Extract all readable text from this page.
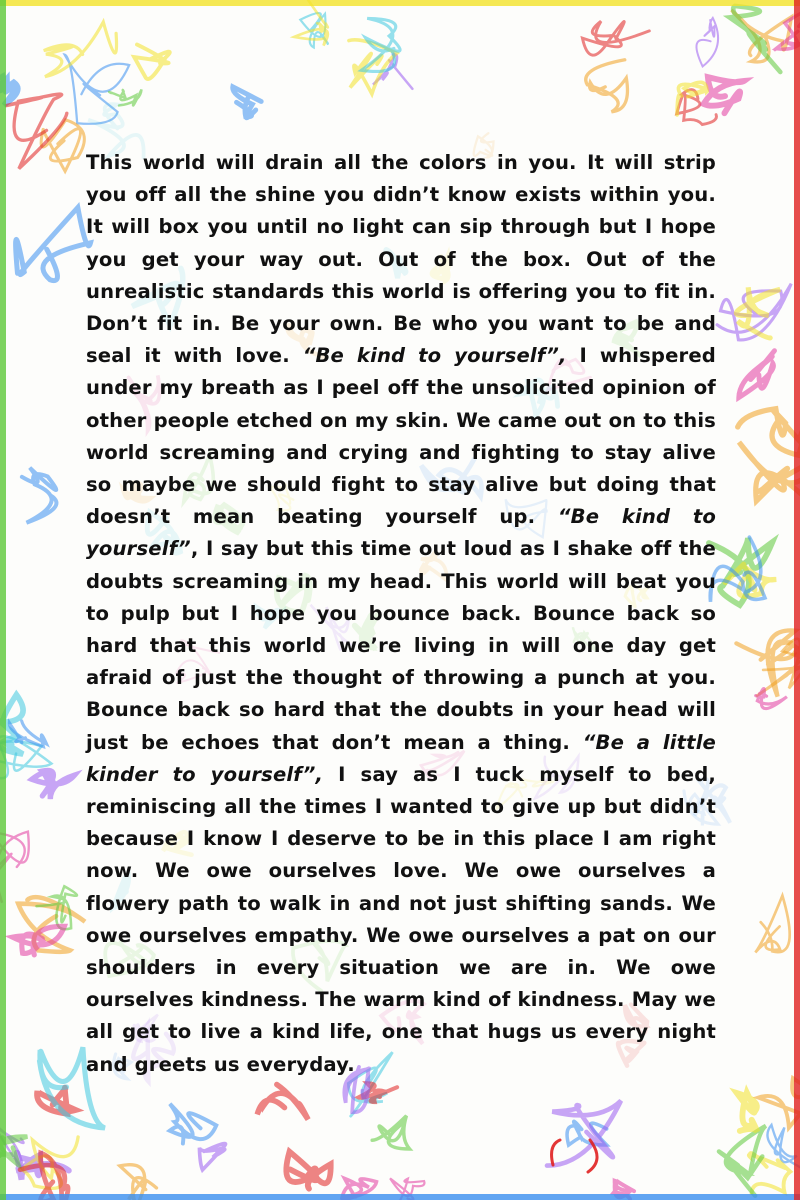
This world will drain all the colors in you. It will strip you off all the shine you didn’t know exists within you. It will box you until no light can sip through but I hope you get your way out. Out of the box. Out of the unrealistic standards this world is offering you to fit in. Don’t fit in. Be your own. Be who you want to be and seal it with love. “Be kind to yourself”, I whispered under my breath as I peel off the unsolicited opinion of other people etched on my skin. We came out on to this world screaming and crying and fighting to stay alive so maybe we should fight to stay alive but doing that doesn’t mean beating yourself up. “Be kind to yourself”, I say but this time out loud as I shake off the doubts screaming in my head. This world will beat you to pulp but I hope you bounce back. Bounce back so hard that this world we’re living in will one day get afraid of just the thought of throwing a punch at you. Bounce back so hard that the doubts in your head will just be echoes that don’t mean a thing. “Be a little kinder to yourself”, I say as I tuck myself to bed, reminiscing all the times I wanted to give up but didn’t because I know I deserve to be in this place I am right now. We owe ourselves love. We owe ourselves a flowery path to walk in and not just shifting sands. We owe ourselves empathy. We owe ourselves a pat on our shoulders in every situation we are in. We owe ourselves kindness. The warm kind of kindness. May we all get to live a kind life, one that hugs us every night and greets us everyday.
